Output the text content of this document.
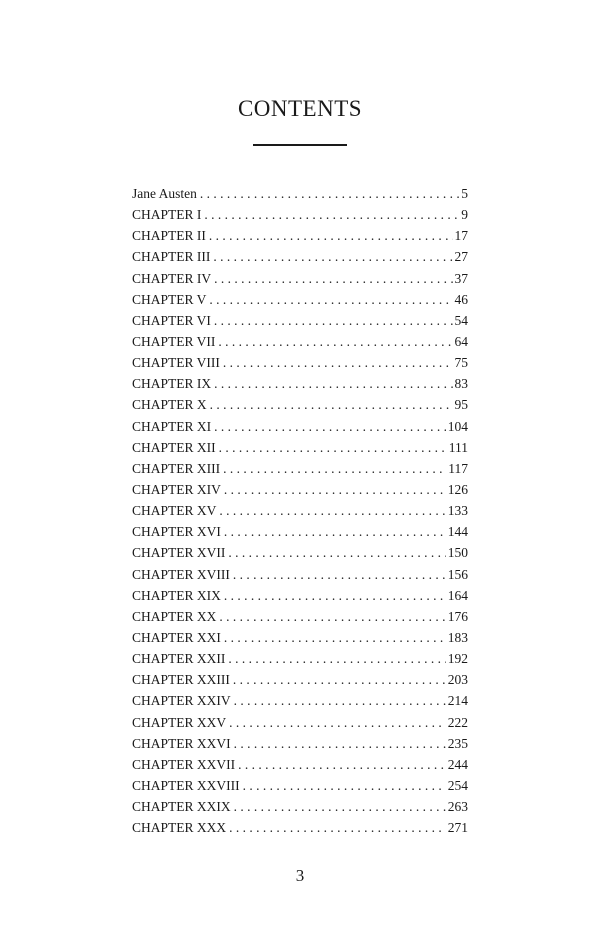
CONTENTS
Jane Austen . . .	5
CHAPTER I . . .	9
CHAPTER II . . .	17
CHAPTER III . . .	27
CHAPTER IV . . .	37
CHAPTER V . . .	46
CHAPTER VI . . .	54
CHAPTER VII . . .	64
CHAPTER VIII . . .	75
CHAPTER IX . . .	83
CHAPTER X . . .	95
CHAPTER XI . . .	104
CHAPTER XII . . .	111
CHAPTER XIII . . .	117
CHAPTER XIV . . .	126
CHAPTER XV . . .	133
CHAPTER XVI . . .	144
CHAPTER XVII . . .	150
CHAPTER XVIII . . .	156
CHAPTER XIX . . .	164
CHAPTER XX . . .	176
CHAPTER XXI . . .	183
CHAPTER XXII . . .	192
CHAPTER XXIII . . .	203
CHAPTER XXIV . . .	214
CHAPTER XXV . . .	222
CHAPTER XXVI . . .	235
CHAPTER XXVII . . .	244
CHAPTER XXVIII . . .	254
CHAPTER XXIX . . .	263
CHAPTER XXX . . .	271

3
